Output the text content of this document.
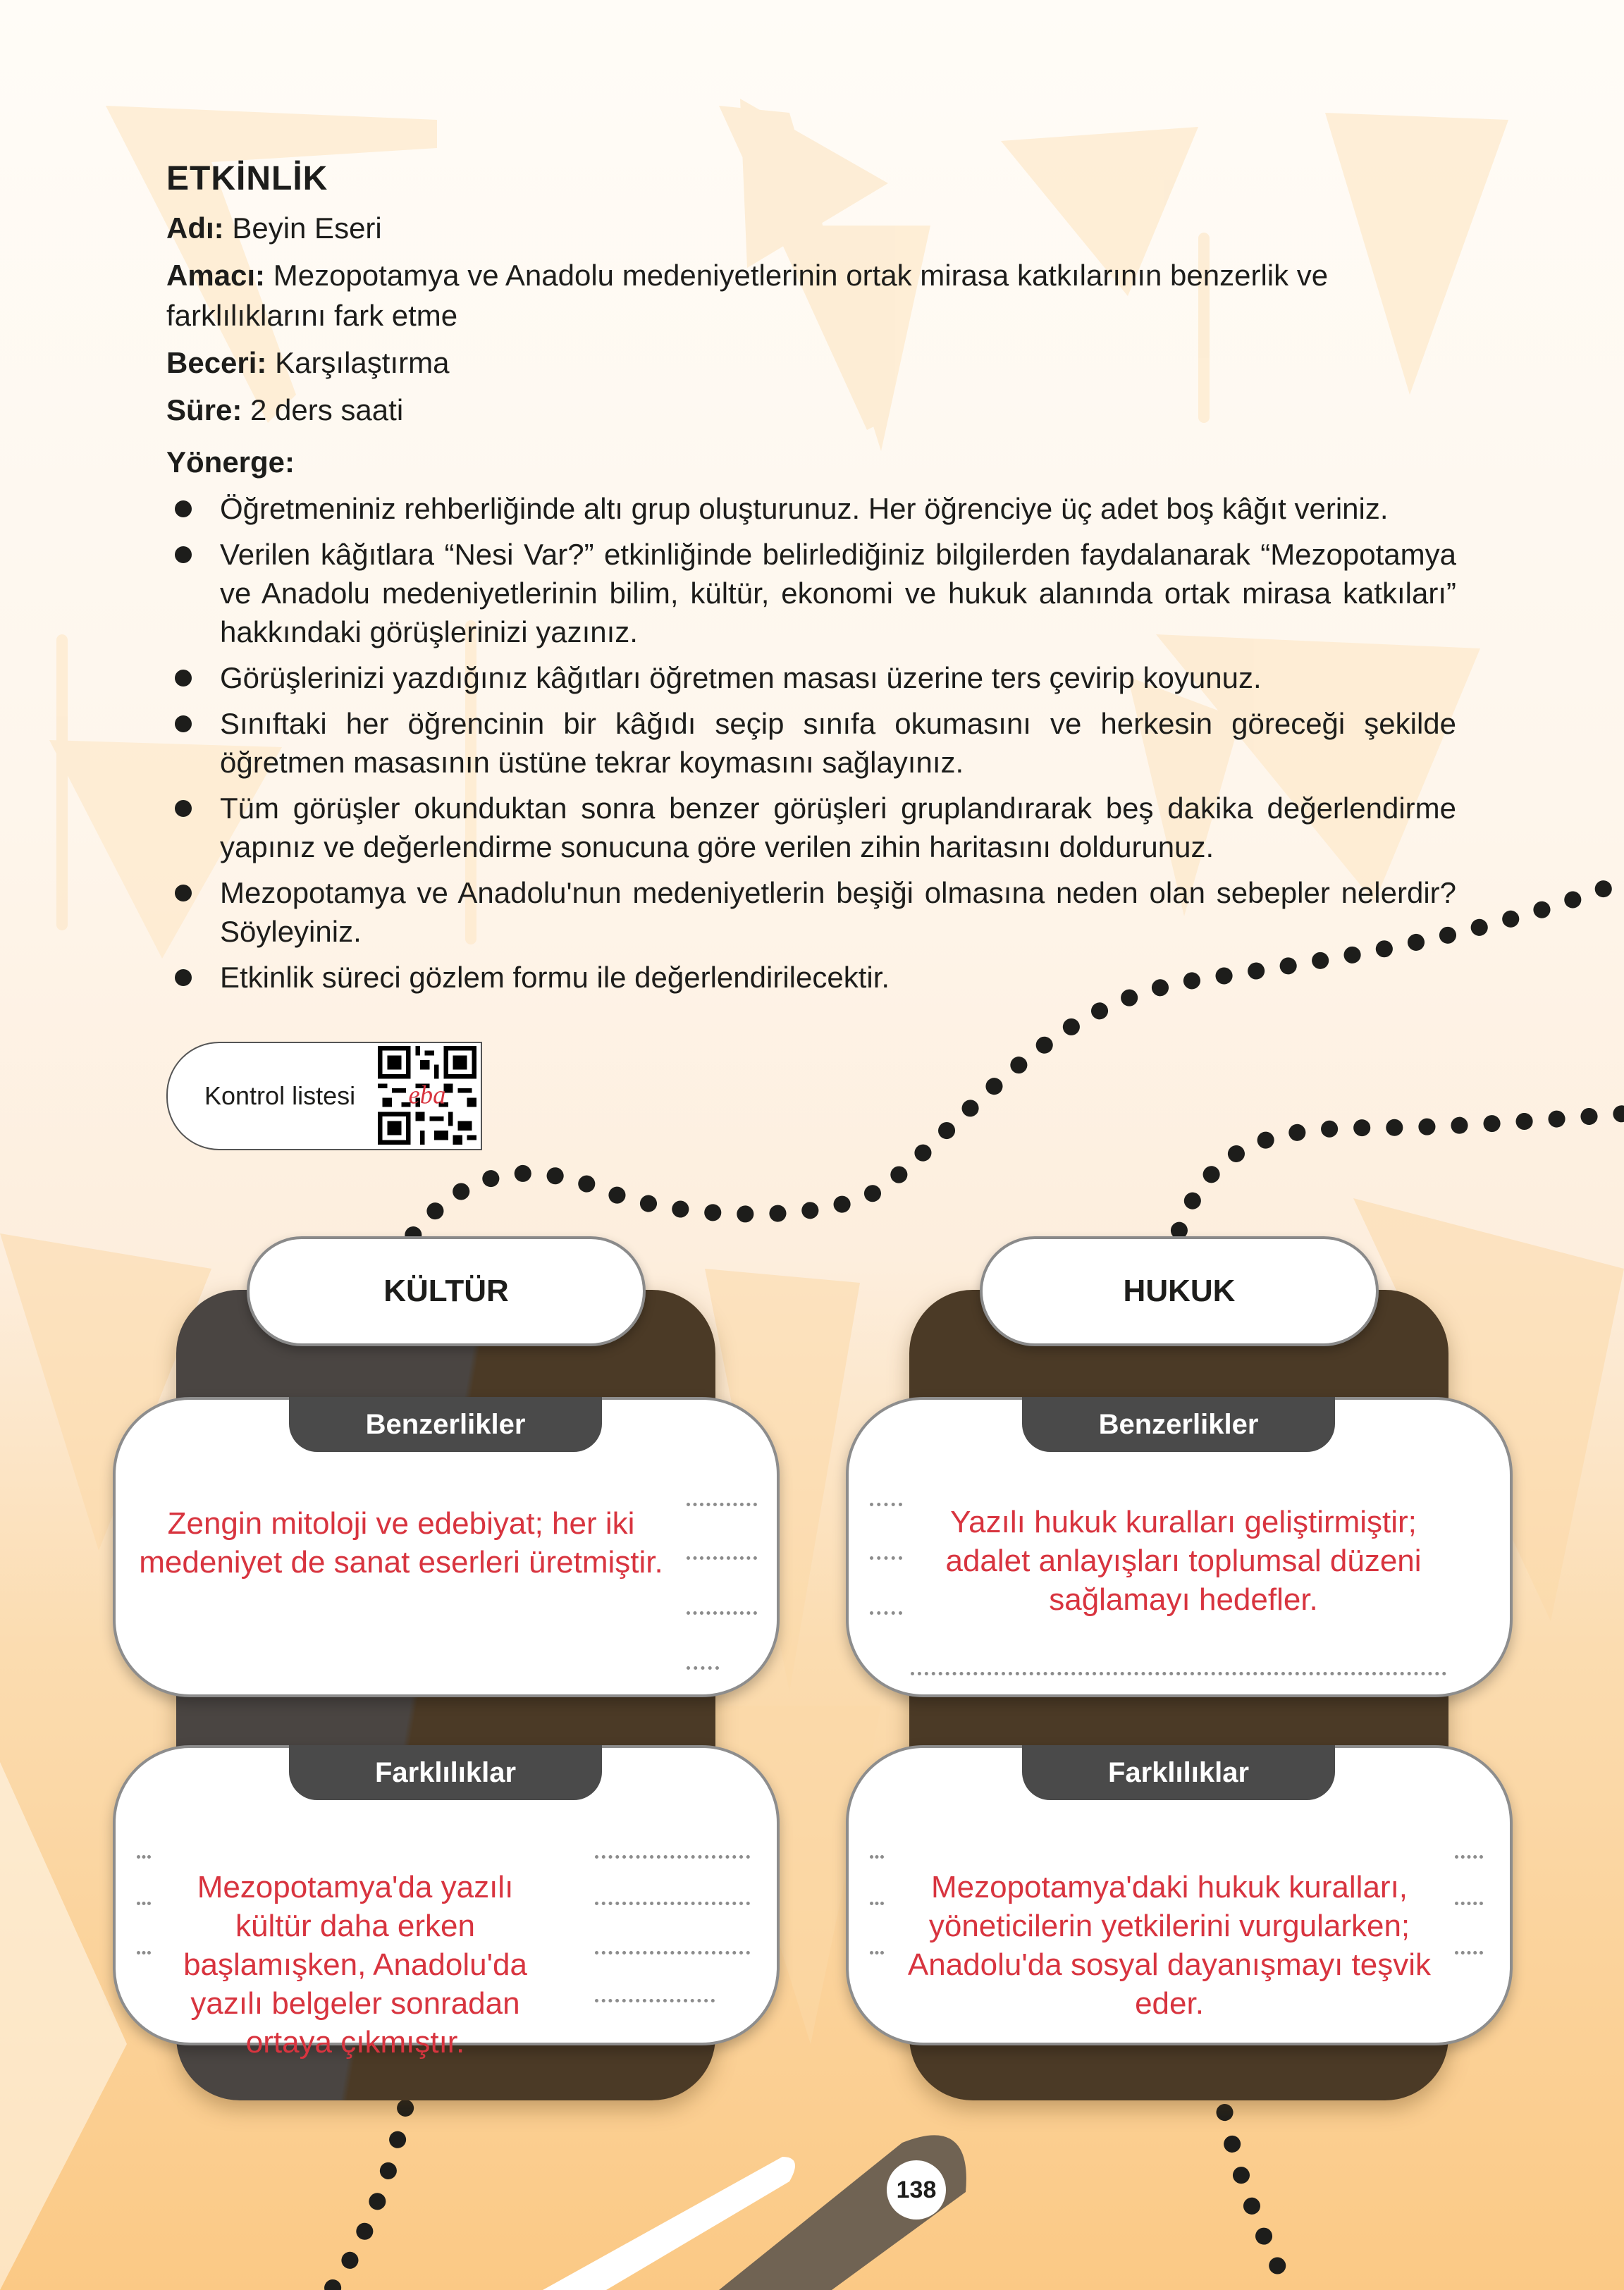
ETKİNLİK

Adı: Beyin Eseri

Amacı: Mezopotamya ve Anadolu medeniyetlerinin ortak mirasa katkılarının benzerlik ve farklılıklarını fark etme

Beceri: Karşılaştırma

Süre: 2 ders saati

Yönerge:
Öğretmeniniz rehberliğinde altı grup oluşturunuz. Her öğrenciye üç adet boş kâğıt veriniz.
Verilen kâğıtlara “Nesi Var?” etkinliğinde belirlediğiniz bilgilerden faydalanarak “Mezopotamya ve Anadolu medeniyetlerinin bilim, kültür, ekonomi ve hukuk alanında ortak mirasa katkıları” hakkındaki görüşlerinizi yazınız.
Görüşlerinizi yazdığınız kâğıtları öğretmen masası üzerine ters çevirip koyunuz.
Sınıftaki her öğrencinin bir kâğıdı seçip sınıfa okumasını ve herkesin göreceği şekilde öğretmen masasının üstüne tekrar koymasını sağlayınız.
Tüm görüşler okunduktan sonra benzer görüşleri gruplandırarak beş dakika değerlendirme yapınız ve değerlendirme sonucuna göre verilen zihin haritasını doldurunuz.
Mezopotamya ve Anadolu'nun medeniyetlerin beşiği olmasına neden olan sebepler nelerdir? Söyleyiniz.
Etkinlik süreci gözlem formu ile değerlendirilecektir.
Kontrol listesi	eba
KÜLTÜR
Benzerlikler
Zengin mitoloji ve edebiyat; her iki medeniyet de sanat eserleri üretmiştir.
Farklılıklar
Mezopotamya'da yazılı kültür daha erken başlamışken, Anadolu'da yazılı belgeler sonradan ortaya çıkmıştır.
HUKUK
Benzerlikler
Yazılı hukuk kuralları geliştirmiştir; adalet anlayışları toplumsal düzeni sağlamayı hedefler.
Farklılıklar
Mezopotamya'daki hukuk kuralları, yöneticilerin yetkilerini vurgularken; Anadolu'da sosyal dayanışmayı teşvik eder.
138
